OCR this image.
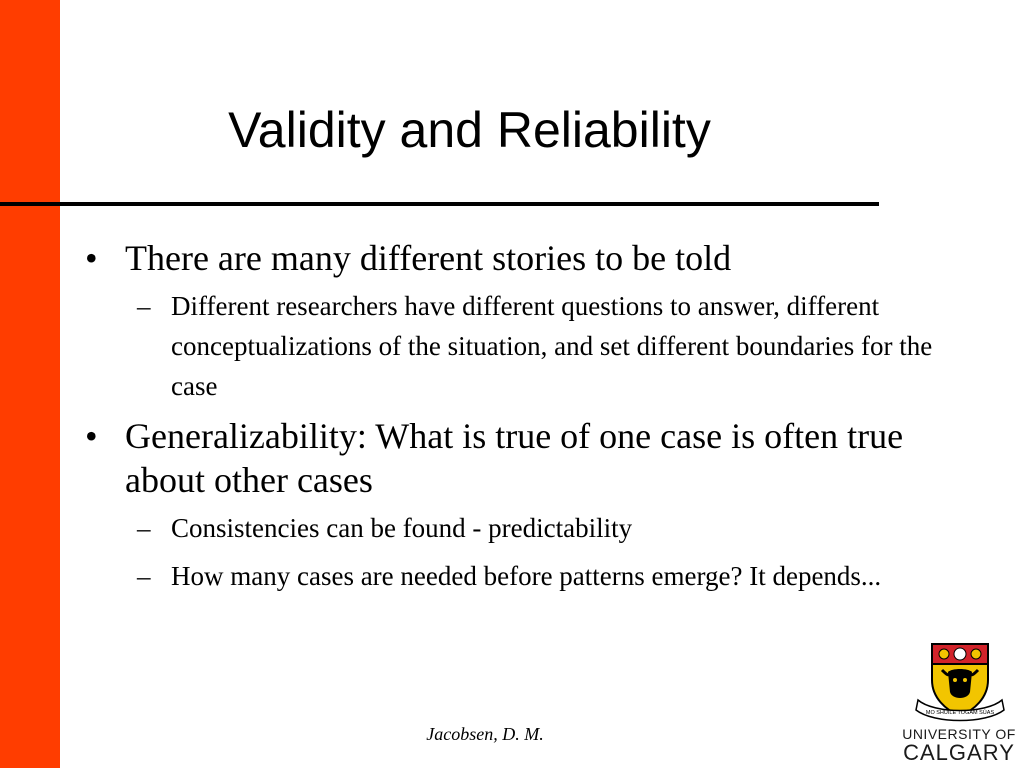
Validity and Reliability
• There are many different stories to be told
– Different researchers have different questions to answer, different conceptualizations of the situation, and set different boundaries for the case
• Generalizability: What is true of one case is often true about other cases
– Consistencies can be found - predictability
– How many cases are needed before patterns emerge? It depends...
Jacobsen, D. M.
MO SHÙILE TOGAM SÚAS
UNIVERSITY OF
CALGARY
